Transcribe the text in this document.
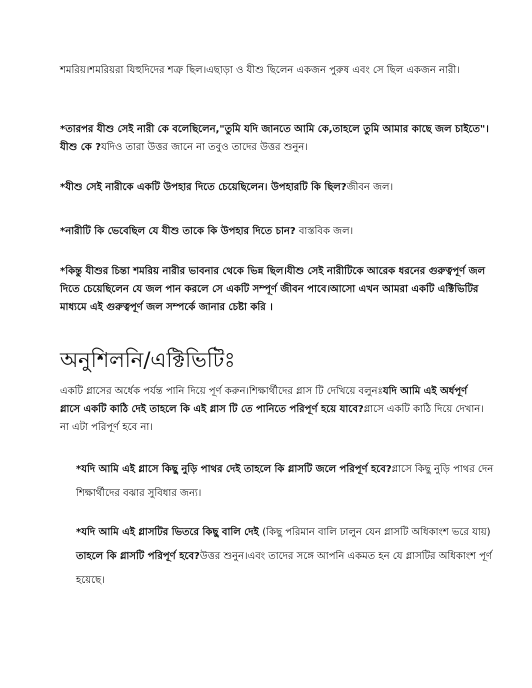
শমরিয়।শমরিয়রা যিহুদিদের শত্রু ছিল।এছাড়া ও যীশু ছিলেন একজন পুরুষ এবং সে ছিল একজন নারী।

*তারপর যীশু সেই নারী কে বলেছিলেন,"তুমি যদি জানতে আমি কে,তাহলে তুমি আমার কাছে জল চাইতে"। যীশু কে ?যদিও তারা উত্তর জানে না তবুও তাদের উত্তর শুনুন।

*যীশু সেই নারীকে একটি উপহার দিতে চেয়েছিলেন। উপহারটি কি ছিল?জীবন জল।

*নারীটি কি ভেবেছিল যে যীশু তাকে কি উপহার দিতে চান? বাস্তবিক জল।

*কিন্তু যীশুর চিন্তা শমরিয় নারীর ভাবনার থেকে ভিন্ন ছিল।যীশু সেই নারীটিকে আরেক ধরনের গুরুত্বপূর্ণ জল দিতে চেয়েছিলেন যে জল পান করলে সে একটি সম্পূর্ণ জীবন পাবে।আসো এখন আমরা একটি এক্টিভিটির মাধ্যমে এই গুরুত্বপূর্ণ জল সম্পর্কে জানার চেষ্টা করি ।

অনুশিলনি/এক্টিভিটিঃ

একটি গ্লাসের অর্ধেক পর্যন্ত পানি দিয়ে পূর্ণ করুন।শিক্ষার্থীদের গ্লাস টি দেখিয়ে বলুনঃযদি আমি এই অর্ধপূর্ণ গ্লাসে একটি কাঠি দেই তাহলে কি এই গ্লাস টি তে পানিতে পরিপূর্ণ হয়ে যাবে?গ্লাসে একটি কাঠি দিয়ে দেখান।না এটা পরিপূর্ণ হবে না।

*যদি আমি এই গ্লাসে কিছু নুড়ি পাথর দেই তাহলে কি গ্লাসটি জলে পরিপূর্ণ হবে?গ্লাসে কিছু নুড়ি পাথর দেন শিক্ষার্থীদের বঝার সুবিধার জন্য।

*যদি আমি এই গ্লাসটির ভিতরে কিছু বালি দেই (কিছু পরিমান বালি ঢালুন যেন গ্লাসটি অধিকাংশ ভরে যায়) তাহলে কি গ্লাসটি পরিপূর্ণ হবে?উত্তর শুনুন।এবং তাদের সঙ্গে আপনি একমত হন যে গ্লাসটির অধিকাংশ পূর্ণ হয়েছে।
